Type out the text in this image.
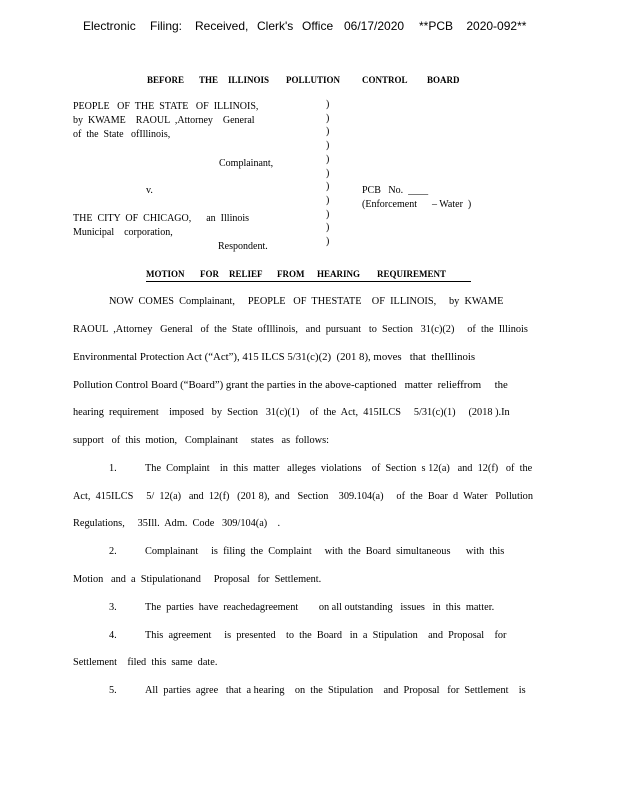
Electronic Filing: Received, Clerk's Office 06/17/2020 **PCB    2020-092**
BEFORE THE ILLINOIS POLLUTION CONTROL BOARD
PEOPLE   OF  THE  STATE   OF  ILLINOIS,
by  KWAME    RAOUL  ,Attorney    General
of  the  State   ofIllinois,
Complainant,
v.
THE  CITY  OF  CHICAGO,      an  Illinois
Municipal    corporation,
Respondent.
)
)
)
)
)
)
)
)
)
)
)
PCB   No.  ____
(Enforcement      – Water  )
MOTION FOR RELIEF FROM HEARING REQUIREMENT
NOW  COMES  Complainant,     PEOPLE   OF  THESTATE    OF  ILLINOIS,     by  KWAME
RAOUL  ,Attorney   General   of  the  State  ofIllinois,   and  pursuant   to  Section   31(c)(2)     of  the  Illinois
Environmental Protection Act (“Act”), 415 ILCS 5/31(c)(2)  (201 8), moves   that  theIllinois
Pollution Control Board (“Board”) grant the parties in the above-captioned   matter  relieffrom     the
hearing  requirement    imposed   by  Section   31(c)(1)    of  the  Act,  415ILCS     5/31(c)(1)     (2018 ).In
support   of  this  motion,   Complainant     states   as  follows:
1.	The  Complaint    in  this  matter   alleges  violations    of  Section  s 12(a)   and  12(f)   of  the
Act,  415ILCS     5/  12(a)   and  12(f)   (201 8),  and   Section    309.104(a)     of  the  Boar  d  Water   Pollution
Regulations,     35Ill.  Adm.  Code   309/104(a)    .
2.	Complainant     is  filing  the  Complaint     with  the  Board  simultaneous      with  this
Motion   and  a  Stipulationand     Proposal   for  Settlement.
3.	The  parties  have  reachedagreement        on all outstanding   issues   in  this  matter.
4.	This  agreement     is  presented    to  the  Board   in  a  Stipulation    and  Proposal    for
Settlement    filed  this  same  date.
5.	All  parties  agree   that  a hearing    on  the  Stipulation    and  Proposal   for  Settlement    is
